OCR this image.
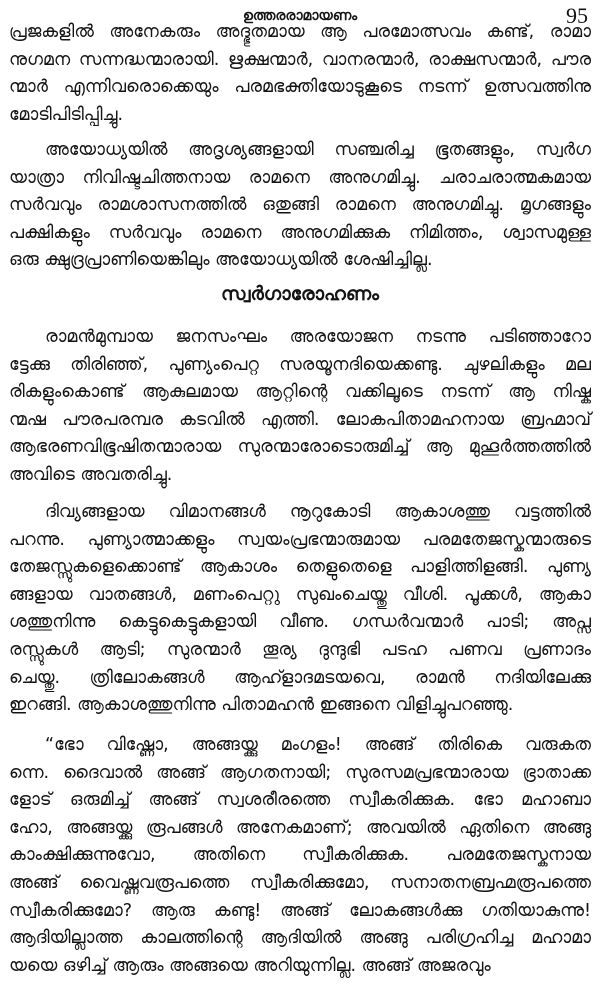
ഉത്തരരാമായണം	95
സ്വർഗാരോഹണം
പ്രജകളിൽ അനേകരും അദ്ഭുതമായ ആ പരമോത്സവം കണ്ട്, രാമാ
നുഗമന സന്നദ്ധന്മാരായി. ഋക്ഷന്മാർ, വാനരന്മാർ, രാക്ഷസന്മാർ, പൗര
ന്മാർ എന്നിവരൊക്കെയും പരമഭക്തിയോടുകൂടെ നടന്ന് ഉത്സവത്തിനു
മോടിപിടിപ്പിച്ചു.
അയോധ്യയിൽ അദൃശ്യങ്ങളായി സഞ്ചരിച്ച ഭൂതങ്ങളും, സ്വർഗ
യാത്രാ നിവിഷ്ടചിത്തനായ രാമനെ അനുഗമിച്ചു. ചരാചരാത്മകമായ
സർവവും രാമശാസനത്തിൽ ഒതുങ്ങി രാമനെ അനുഗമിച്ചു. മൃഗങ്ങളും
പക്ഷികളും സർവവും രാമനെ അനുഗമിക്കുക നിമിത്തം, ശ്വാസമുള്ള
ഒരു ക്ഷുദ്രപ്രാണിയെങ്കിലും അയോധ്യയിൽ ശേഷിച്ചില്ല.
രാമൻമുമ്പായ ജനസംഘം അരയോജന നടന്നു പടിഞ്ഞാറോ
ട്ടേക്കു തിരിഞ്ഞ്, പുണ്യംപെറ്റ സരയൂനദിയെക്കണ്ടു. ചുഴലികളും മല
രികളുംകൊണ്ട് ആകുലമായ ആറ്റിന്റെ വക്കിലൂടെ നടന്ന് ആ നിഷ്ക
ന്മഷ പൗരപരമ്പര കടവിൽ എത്തി. ലോകപിതാമഹനായ ബ്രഹ്മാവ്
ആഭരണവിഭൂഷിതന്മാരായ സുരന്മാരോടൊരുമിച്ച് ആ മുഹൂർത്തത്തിൽ
അവിടെ അവതരിച്ചു.
ദിവ്യങ്ങളായ വിമാനങ്ങൾ നൂറുകോടി ആകാശത്തു വട്ടത്തിൽ
പറന്നു. പുണ്യാത്മാക്കളും സ്വയംപ്രഭന്മാരുമായ പരമതേജസ്കന്മാരുടെ
തേജസ്സുകളെക്കൊണ്ട് ആകാശം തെളുതെളെ പാളിത്തിളങ്ങി. പുണ്യ
ങ്ങളായ വാതങ്ങൾ, മണംപെറ്റു സുഖംചെയ്തു വീശി. പൂക്കൾ, ആകാ
ശത്തുനിന്നു കെട്ടുകെട്ടുകളായി വീണു. ഗന്ധർവന്മാർ പാടി; അപ്സ
രസ്സുകൾ ആടി; സുരന്മാർ തൂര്യ ദുന്ദുഭി പടഹ പണവ പ്രണാദം
ചെയ്തു. ത്രിലോകങ്ങൾ ആഹ്ളാദമടയവെ, രാമൻ നദിയിലേക്കു
ഇറങ്ങി. ആകാശത്തുനിന്നു പിതാമഹൻ ഇങ്ങനെ വിളിച്ചുപറഞ്ഞു.
“ഭോ വിഷ്ണോ, അങ്ങയ്ക്കു മംഗളം! അങ്ങ് തിരികെ വരുകത
ന്നെ. ദൈവാൽ അങ്ങ് ആഗതനായി; സുരസമപ്രഭന്മാരായ ഭ്രാതാക്ക
ളോട് ഒരുമിച്ച് അങ്ങ് സ്വശരീരത്തെ സ്വീകരിക്കുക. ഭോ മഹാബാ
ഹോ, അങ്ങയ്ക്കു രൂപങ്ങൾ അനേകമാണ്; അവയിൽ ഏതിനെ അങ്ങു
കാംക്ഷിക്കുന്നുവോ, അതിനെ സ്വീകരിക്കുക. പരമതേജസ്കനായ
അങ്ങ് വൈഷ്ണവരൂപത്തെ സ്വീകരിക്കുമോ, സനാതനബ്രഹ്മരൂപത്തെ
സ്വീകരിക്കുമോ? ആരു കണ്ടു! അങ്ങ് ലോകങ്ങൾക്കു ഗതിയാകുന്നു!
ആദിയില്ലാത്ത കാലത്തിന്റെ ആദിയിൽ അങ്ങു പരിഗ്രഹിച്ച മഹാമാ
യയെ ഒഴിച്ച് ആരും അങ്ങയെ അറിയുന്നില്ല. അങ്ങ് അജരവും
